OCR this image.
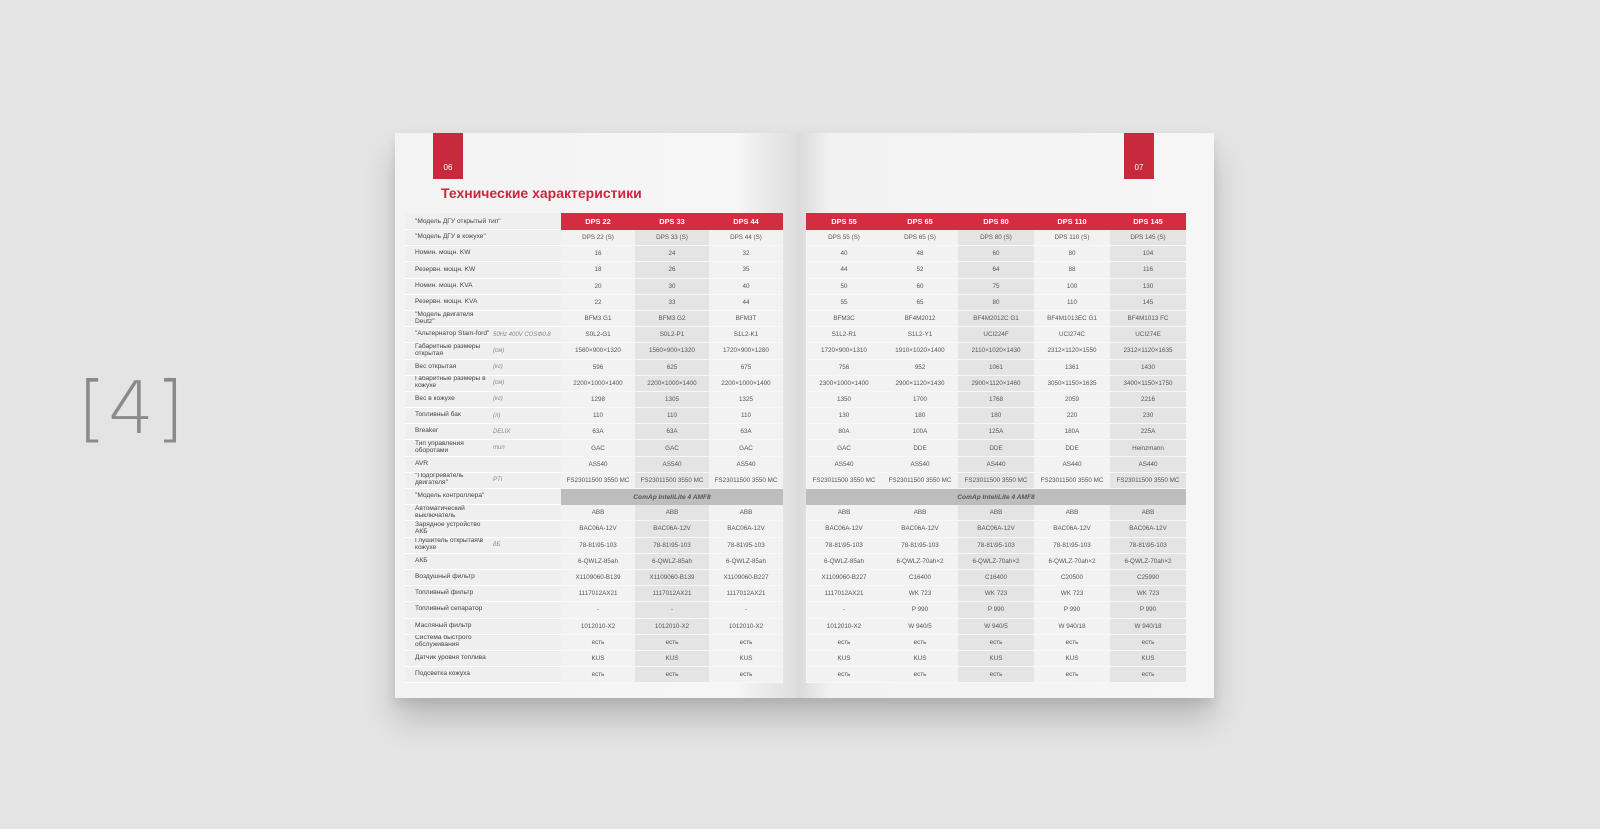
[4]
06
Технические характеристики
"Модель ДГУ открытый тип"	DPS 22	DPS 33	DPS 44
"Модель ДГУ в кожухе"	DPS 22 (S)	DPS 33 (S)	DPS 44 (S)
Номин. мощн. KW	16	24	32
Резервн. мощн. KW	18	26	35
Номин. мощн. KVA	20	30	40
Резервн. мощн. KVA	22	33	44
"Модель двигателя Deutz"	BFM3 G1	BFM3 G2	BFM3T
"Альтернатор Stam-ford" 50Hz 400V COSΦ0.8	S0L2-G1	S0L2-P1	S1L2-K1
Габаритные размеры открытая	(см)	1560×900×1320	1560×900×1320	1720×900×1280
Вес открытая	(кг)	596	625	675
Габаритные размеры в кожухе	(см)	2200×1000×1400	2200×1000×1400	2200×1000×1400
Вес в кожухе	(кг)	1298	1305	1325
Топливный бак	(л)	110	110	110
Breaker	DELIX	63A	63A	63A
Тип управления оборотами	тип	GAC	GAC	GAC
AVR	AS540	AS540	AS540
"Подогреватель двигателя"	PTI	FS23011500 3550 MC	FS23011500 3550 MC	FS23011500 3550 MC
"Модель контроллера"	ComAp InteliLite 4 AMF8
Автоматический выключатель	ABB	ABB	ABB
Зарядное устройство АКБ	BAC06A-12V	BAC06A-12V	BAC06A-12V
Глушитель открытая\в кожухе	дБ	78-81\95-103	78-81\95-103	78-81\95-103
АКБ	6-QWLZ-85ah	6-QWLZ-85ah	6-QWLZ-85ah
Воздушный фильтр	X1109060-B139	X1109060-B139	X1109060-B227
Топливный фильтр	1117012AX21	1117012AX21	1117012AX21
Топливный сепаратор	-	-	-
Масляный фильтр	1012010-X2	1012010-X2	1012010-X2
Система быстрого обслуживания	есть	есть	есть
Датчик уровня топлива	KUS	KUS	KUS
Подсветка кожуха	есть	есть	есть
07
DPS 55	DPS 65	DPS 80	DPS 110	DPS 145
DPS 55 (S)	DPS 65 (S)	DPS 80 (S)	DPS 110 (S)	DPS 145 (S)
40	48	60	80	104
44	52	64	88	116
50	60	75	100	130
55	65	80	110	145
BFM3C	BF4M2012	BF4M2012C G1	BF4M1013EC G1	BF4M1013 FC
S1L2-R1	S1L2-Y1	UCI224F	UCI274C	UCI274E
1720×900×1310	1910×1020×1400	2110×1020×1430	2312×1120×1550	2312×1120×1635
756	952	1061	1361	1430
2300×1000×1400	2900×1120×1430	2900×1120×1460	3050×1150×1635	3400×1150×1750
1350	1700	1768	2059	2216
130	180	180	220	230
80A	100A	125A	180A	225A
GAC	DDE	DDE	DDE	Heinzmann
AS540	AS540	AS440	AS440	AS440
FS23011500 3550 MC	FS23011500 3550 MC	FS23011500 3550 MC	FS23011500 3550 MC	FS23011500 3550 MC
ComAp InteliLite 4 AMF8
ABB	ABB	ABB	ABB	ABB
BAC06A-12V	BAC06A-12V	BAC06A-12V	BAC06A-12V	BAC06A-12V
78-81\95-103	78-81\95-103	78-81\95-103	78-81\95-103	78-81\95-103
6-QWLZ-85ah	6-QWLZ-70ah×2	6-QWLZ-70ah×2	6-QWLZ-70ah×2	6-QWLZ-70ah×2
X1109060-B227	C16400	C16400	C20500	C25990
1117012AX21	WK 723	WK 723	WK 723	WK 723
-	P 990	P 990	P 990	P 990
1012010-X2	W 940/5	W 940/5	W 940/18	W 940/18
есть	есть	есть	есть	есть
KUS	KUS	KUS	KUS	KUS
есть	есть	есть	есть	есть
